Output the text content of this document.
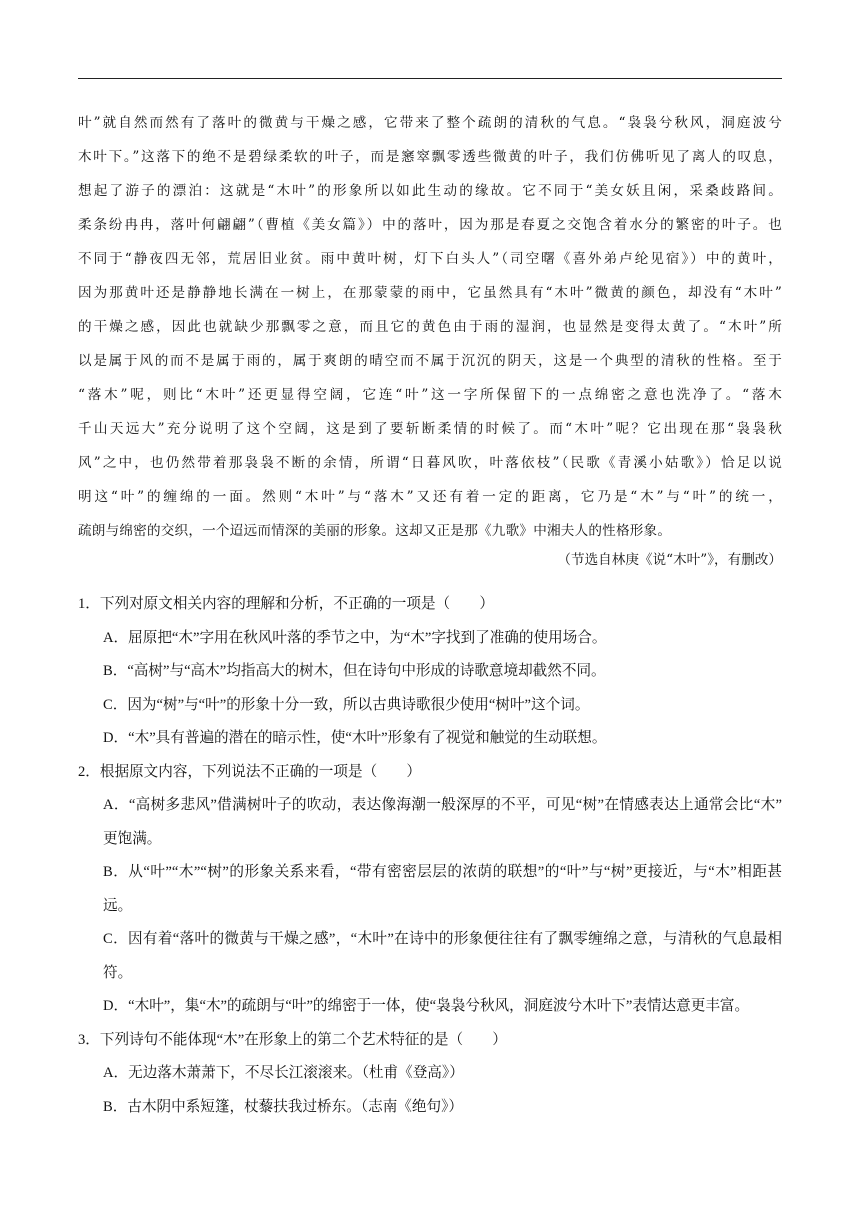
叶”就自然而然有了落叶的微黄与干燥之感，它带来了整个疏朗的清秋的气息。“袅袅兮秋风，洞庭波兮
木叶下。”这落下的绝不是碧绿柔软的叶子，而是窸窣飘零透些微黄的叶子，我们仿佛听见了离人的叹息，
想起了游子的漂泊：这就是“木叶”的形象所以如此生动的缘故。它不同于“美女妖且闲，采桑歧路间。
柔条纷冉冉，落叶何翩翩”（曹植《美女篇》）中的落叶，因为那是春夏之交饱含着水分的繁密的叶子。也
不同于“静夜四无邻，荒居旧业贫。雨中黄叶树，灯下白头人”（司空曙《喜外弟卢纶见宿》）中的黄叶，
因为那黄叶还是静静地长满在一树上，在那蒙蒙的雨中，它虽然具有“木叶”微黄的颜色，却没有“木叶”
的干燥之感，因此也就缺少那飘零之意，而且它的黄色由于雨的湿润，也显然是变得太黄了。“木叶”所
以是属于风的而不是属于雨的，属于爽朗的晴空而不属于沉沉的阴天，这是一个典型的清秋的性格。至于
“落木”呢，则比“木叶”还更显得空阔，它连“叶”这一字所保留下的一点绵密之意也洗净了。“落木
千山天远大”充分说明了这个空阔，这是到了要斩断柔情的时候了。而“木叶”呢？它出现在那“袅袅秋
风”之中，也仍然带着那袅袅不断的余情，所谓“日暮风吹，叶落依枝”（民歌《青溪小姑歌》）恰足以说
明这“叶”的缠绵的一面。然则“木叶”与“落木”又还有着一定的距离，它乃是“木”与“叶”的统一，
疏朗与绵密的交织，一个迢远而情深的美丽的形象。这却又正是那《九歌》中湘夫人的性格形象。
（节选自林庚《说“木叶”》，有删改）
1．下列对原文相关内容的理解和分析，不正确的一项是（　　）
A．屈原把“木”字用在秋风叶落的季节之中，为“木”字找到了准确的使用场合。
B．“高树”与“高木”均指高大的树木，但在诗句中形成的诗歌意境却截然不同。
C．因为“树”与“叶”的形象十分一致，所以古典诗歌很少使用“树叶”这个词。
D．“木”具有普遍的潜在的暗示性，使“木叶”形象有了视觉和触觉的生动联想。
2．根据原文内容，下列说法不正确的一项是（　　）
A．“高树多悲风”借满树叶子的吹动，表达像海潮一般深厚的不平，可见“树”在情感表达上通常会比“木”
更饱满。
B．从“叶”“木”“树”的形象关系来看，“带有密密层层的浓荫的联想”的“叶”与“树”更接近，与“木”相距甚
远。
C．因有着“落叶的微黄与干燥之感”，“木叶”在诗中的形象便往往有了飘零缠绵之意，与清秋的气息最相
符。
D．“木叶”，集“木”的疏朗与“叶”的绵密于一体，使“袅袅兮秋风，洞庭波兮木叶下”表情达意更丰富。
3．下列诗句不能体现“木”在形象上的第二个艺术特征的是（　　）
A．无边落木萧萧下，不尽长江滚滚来。（杜甫《登高》）
B．古木阴中系短篷，杖藜扶我过桥东。（志南《绝句》）
